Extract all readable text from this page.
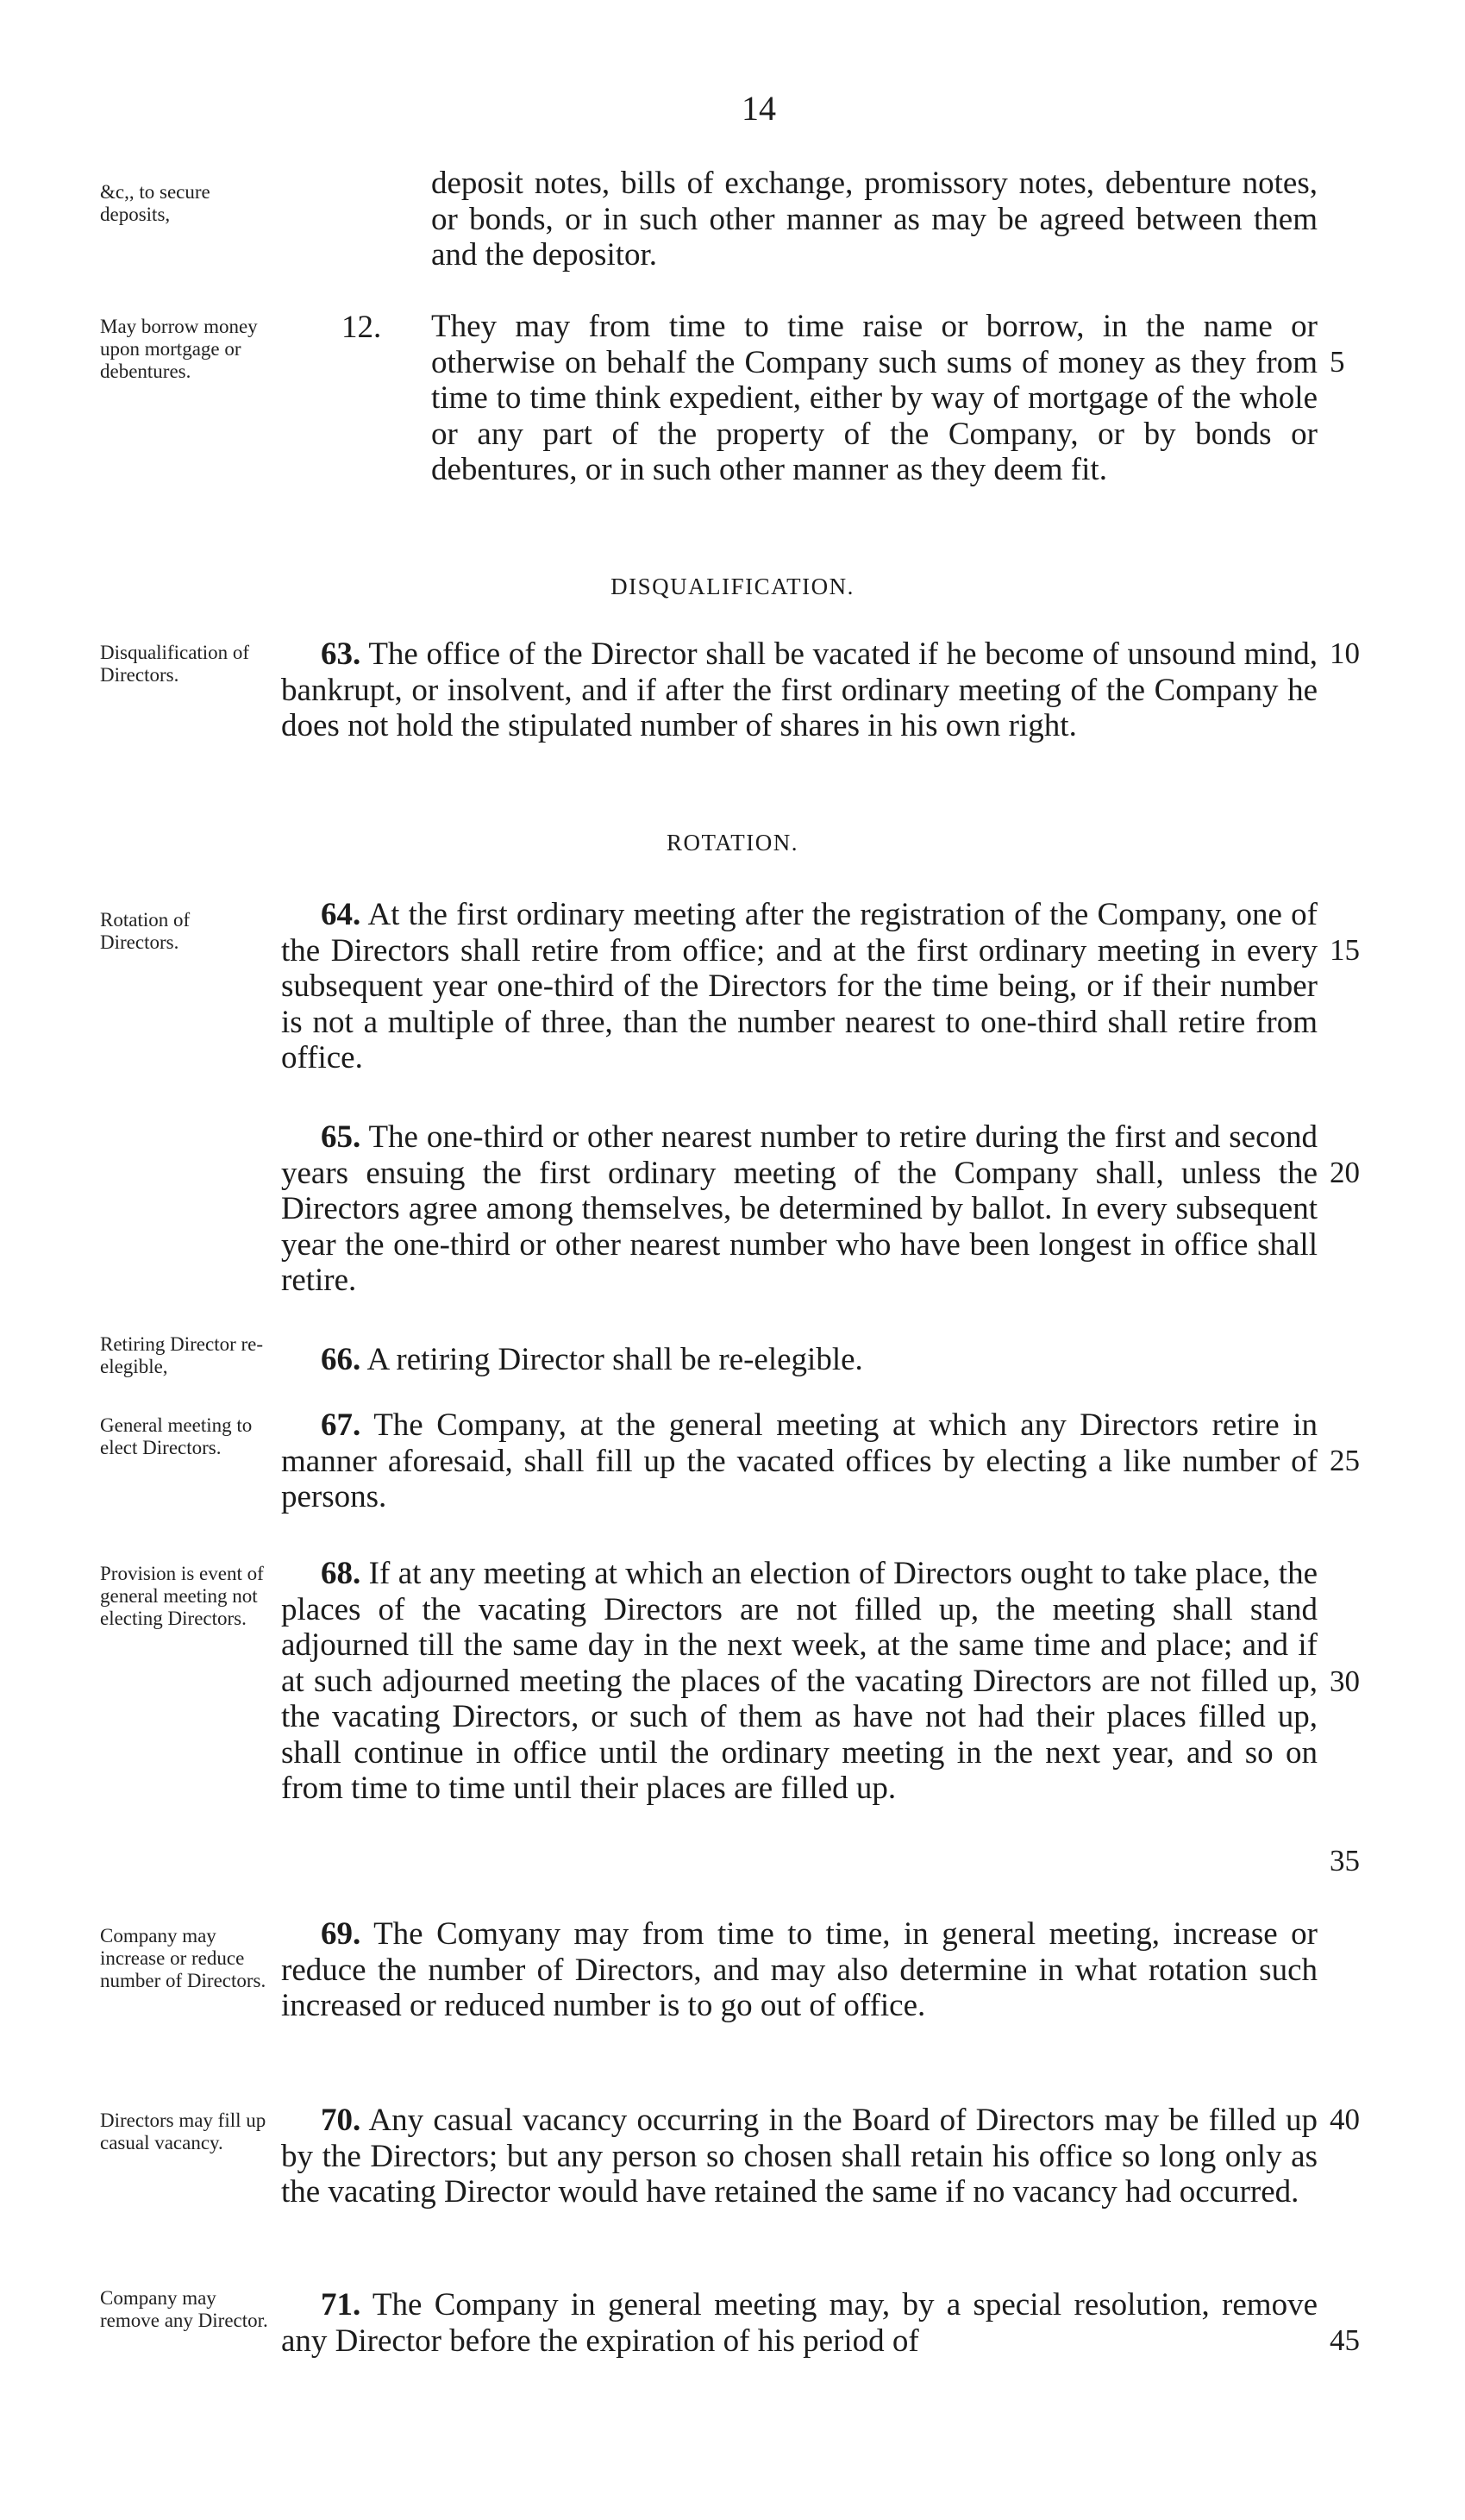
14
&c,, to secure deposits,
deposit notes, bills of exchange, promissory notes, debenture notes, or bonds, or in such other manner as may be agreed between them and the depositor.
May borrow money upon mortgage or debentures.
12. They may from time to time raise or borrow, in the name or otherwise on behalf the Company such sums of money as they from time to time think expedient, either by way of mortgage of the whole or any part of the property of the Company, or by bonds or debentures, or in such other manner as they deem fit.
DISQUALIFICATION.
Disqualification of Directors.
63. The office of the Director shall be vacated if he become of unsound mind, bankrupt, or insolvent, and if after the first ordinary meeting of the Company he does not hold the stipulated number of shares in his own right.
ROTATION.
Rotation of Directors.
64. At the first ordinary meeting after the registration of the Company, one of the Directors shall retire from office; and at the first ordinary meeting in every subsequent year one-third of the Directors for the time being, or if their number is not a multiple of three, than the number nearest to one-third shall retire from office.
65. The one-third or other nearest number to retire during the first and second years ensuing the first ordinary meeting of the Company shall, unless the Directors agree among themselves, be determined by ballot. In every subsequent year the one-third or other nearest number who have been longest in office shall retire.
Retiring Director re-elegible,	66. A retiring Director shall be re-elegible.
General meeting to elect Directors.
67. The Company, at the general meeting at which any Directors retire in manner aforesaid, shall fill up the vacated offices by electing a like number of persons.
Provision is event of general meeting not electing Directors.
68. If at any meeting at which an election of Directors ought to take place, the places of the vacating Directors are not filled up, the meeting shall stand adjourned till the same day in the next week, at the same time and place; and if at such adjourned meeting the places of the vacating Directors are not filled up, the vacating Directors, or such of them as have not had their places filled up, shall continue in office until the ordinary meeting in the next year, and so on from time to time until their places are filled up.
Company may increase or reduce number of Directors.
69. The Comyany may from time to time, in general meeting, increase or reduce the number of Directors, and may also determine in what rotation such increased or reduced number is to go out of office.
Directors may fill up casual vacancy.
70. Any casual vacancy occurring in the Board of Directors may be filled up by the Directors; but any person so chosen shall retain his office so long only as the vacating Director would have retained the same if no vacancy had occurred.
Company may remove any Director.	71. The Company in general meeting may, by a special resolution, remove any Director before the expiration of his period of
5
10
15
20
25
30
35
40
45
